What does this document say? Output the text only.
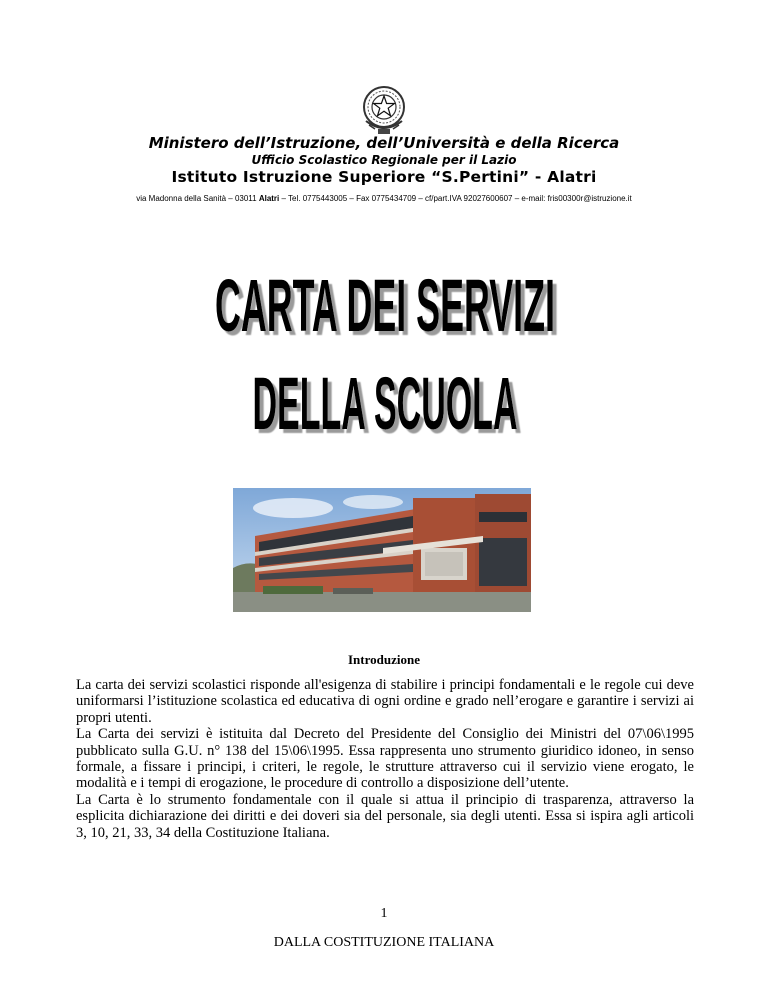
Ministero dell’Istruzione, dell’Università e della Ricerca
Ufficio Scolastico Regionale per il Lazio
Istituto Istruzione Superiore “S.Pertini” - Alatri
via Madonna della Sanità – 03011 Alatri – Tel. 0775443005 – Fax 0775434709 – cf/part.IVA 92027600607 – e-mail: fris00300r@istruzione.it
CARTA DEI SERVIZI
DELLA SCUOLA
Introduzione

La carta dei servizi scolastici risponde all'esigenza di stabilire i principi fondamentali e le regole cui deve uniformarsi l’istituzione scolastica ed educativa di ogni ordine e grado nell’erogare e garantire i servizi ai propri utenti.

La Carta dei servizi è istituita dal Decreto del Presidente del Consiglio dei Ministri del 07\06\1995 pubblicato sulla G.U. n° 138 del 15\06\1995. Essa rappresenta uno strumento giuridico idoneo, in senso formale, a fissare i principi, i criteri, le regole, le strutture attraverso cui il servizio viene erogato, le modalità e i tempi di erogazione, le procedure di controllo a disposizione dell’utente.

La Carta è lo strumento fondamentale con il quale si attua il principio di trasparenza, attraverso la esplicita dichiarazione dei diritti e dei doveri sia del personale, sia degli utenti. Essa si ispira agli articoli 3, 10, 21, 33, 34 della Costituzione Italiana.

1
DALLA COSTITUZIONE ITALIANA
